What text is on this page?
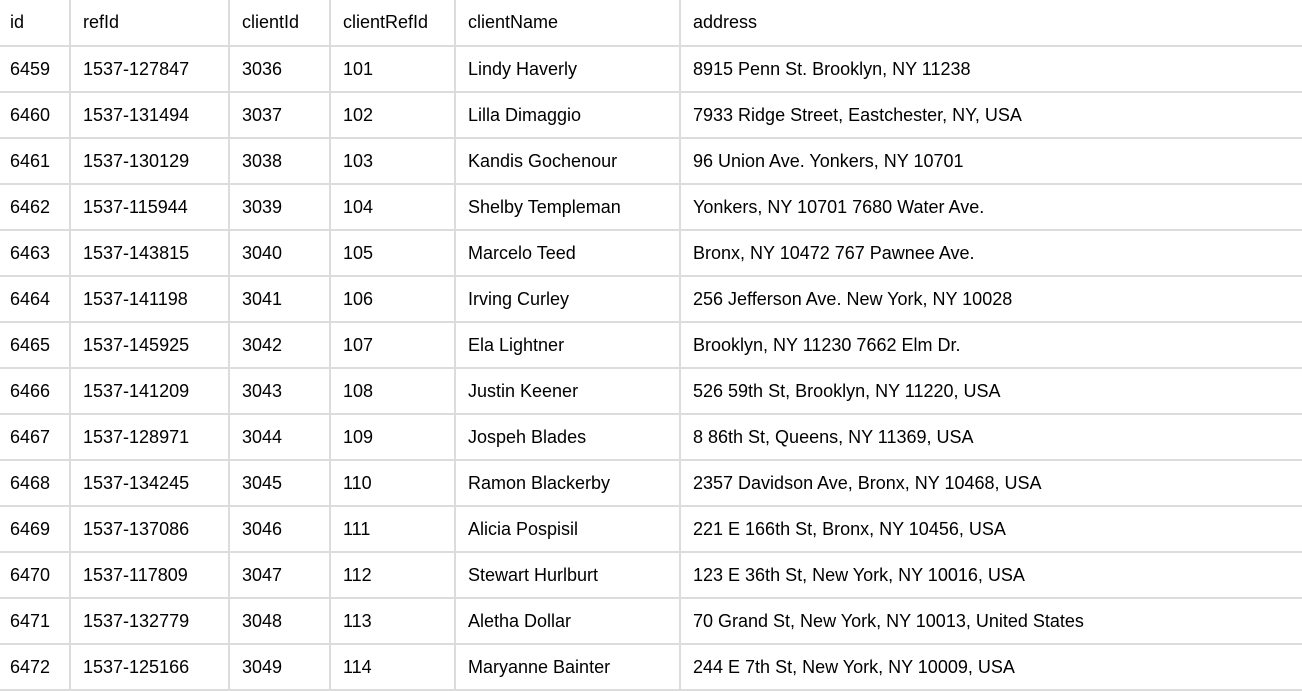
id	refId	clientId	clientRefId	clientName	address
6459	1537-127847	3036	101	Lindy Haverly	8915 Penn St. Brooklyn, NY 11238
6460	1537-131494	3037	102	Lilla Dimaggio	7933 Ridge Street, Eastchester, NY, USA
6461	1537-130129	3038	103	Kandis Gochenour	96 Union Ave. Yonkers, NY 10701
6462	1537-115944	3039	104	Shelby Templeman	Yonkers, NY 10701 7680 Water Ave.
6463	1537-143815	3040	105	Marcelo Teed	Bronx, NY 10472 767 Pawnee Ave.
6464	1537-141198	3041	106	Irving Curley	256 Jefferson Ave. New York, NY 10028
6465	1537-145925	3042	107	Ela Lightner	Brooklyn, NY 11230 7662 Elm Dr.
6466	1537-141209	3043	108	Justin Keener	526 59th St, Brooklyn, NY 11220, USA
6467	1537-128971	3044	109	Jospeh Blades	8 86th St, Queens, NY 11369, USA
6468	1537-134245	3045	110	Ramon Blackerby	2357 Davidson Ave, Bronx, NY 10468, USA
6469	1537-137086	3046	111	Alicia Pospisil	221 E 166th St, Bronx, NY 10456, USA
6470	1537-117809	3047	112	Stewart Hurlburt	123 E 36th St, New York, NY 10016, USA
6471	1537-132779	3048	113	Aletha Dollar	70 Grand St, New York, NY 10013, United States
6472	1537-125166	3049	114	Maryanne Bainter	244 E 7th St, New York, NY 10009, USA
